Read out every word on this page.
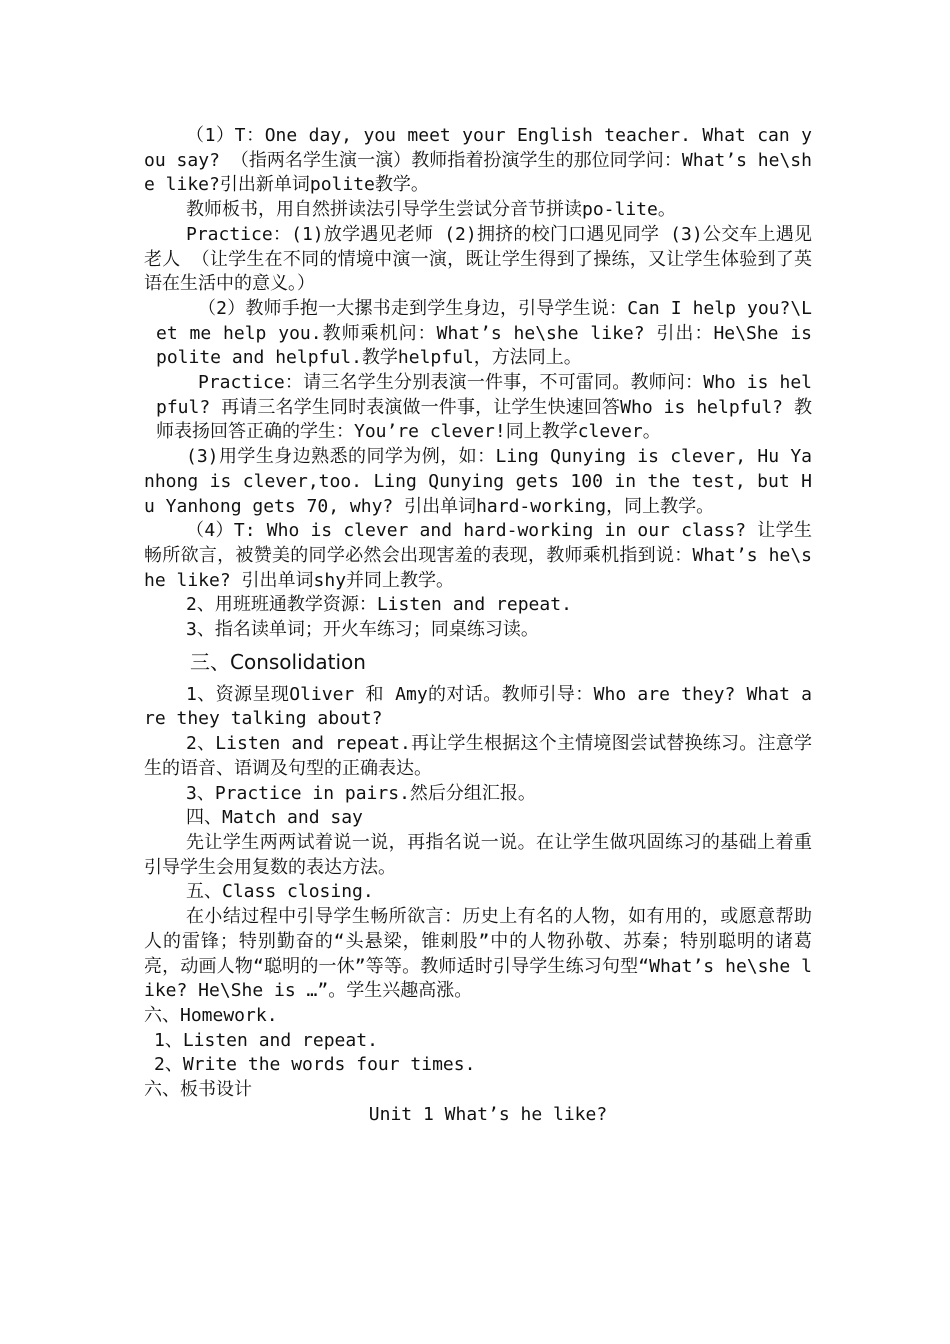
（1）T：One day, you meet your English teacher. What can you say? （指两名学生演一演）教师指着扮演学生的那位同学问：What’s he\she like?引出新单词polite教学。

教师板书，用自然拼读法引导学生尝试分音节拼读po-lite。

Practice：(1)放学遇见老师 (2)拥挤的校门口遇见同学 (3)公交车上遇见老人 （让学生在不同的情境中演一演，既让学生得到了操练，又让学生体验到了英语在生活中的意义。）

（2）教师手抱一大摞书走到学生身边，引导学生说：Can I help you?\Let me help you.教师乘机问：What’s he\she like? 引出：He\She is polite and helpful.教学helpful，方法同上。

Practice：请三名学生分别表演一件事，不可雷同。教师问：Who is helpful? 再请三名学生同时表演做一件事，让学生快速回答Who is helpful? 教师表扬回答正确的学生：You’re clever!同上教学clever。

(3)用学生身边熟悉的同学为例，如：Ling Qunying is clever, Hu Yanhong is clever,too. Ling Qunying gets 100 in the test, but Hu Yanhong gets 70, why? 引出单词hard-working，同上教学。

（4）T: Who is clever and hard-working in our class? 让学生畅所欲言，被赞美的同学必然会出现害羞的表现，教师乘机指到说：What’s he\she like? 引出单词shy并同上教学。

2、用班班通教学资源：Listen and repeat.

3、指名读单词；开火车练习；同桌练习读。

三、Consolidation

1、资源呈现Oliver 和 Amy的对话。教师引导：Who are they? What are they talking about?

2、Listen and repeat.再让学生根据这个主情境图尝试替换练习。注意学生的语音、语调及句型的正确表达。

3、Practice in pairs.然后分组汇报。

四、Match and say

先让学生两两试着说一说，再指名说一说。在让学生做巩固练习的基础上着重引导学生会用复数的表达方法。

五、Class closing.

在小结过程中引导学生畅所欲言：历史上有名的人物，如有用的，或愿意帮助人的雷锋；特别勤奋的“头悬梁，锥刺股”中的人物孙敬、苏秦；特别聪明的诸葛亮，动画人物“聪明的一休”等等。教师适时引导学生练习句型“What’s he\she like? He\She is …”。学生兴趣高涨。

六、Homework.

1、Listen and repeat.

2、Write the words four times.

六、板书设计

Unit 1 What’s he like?
